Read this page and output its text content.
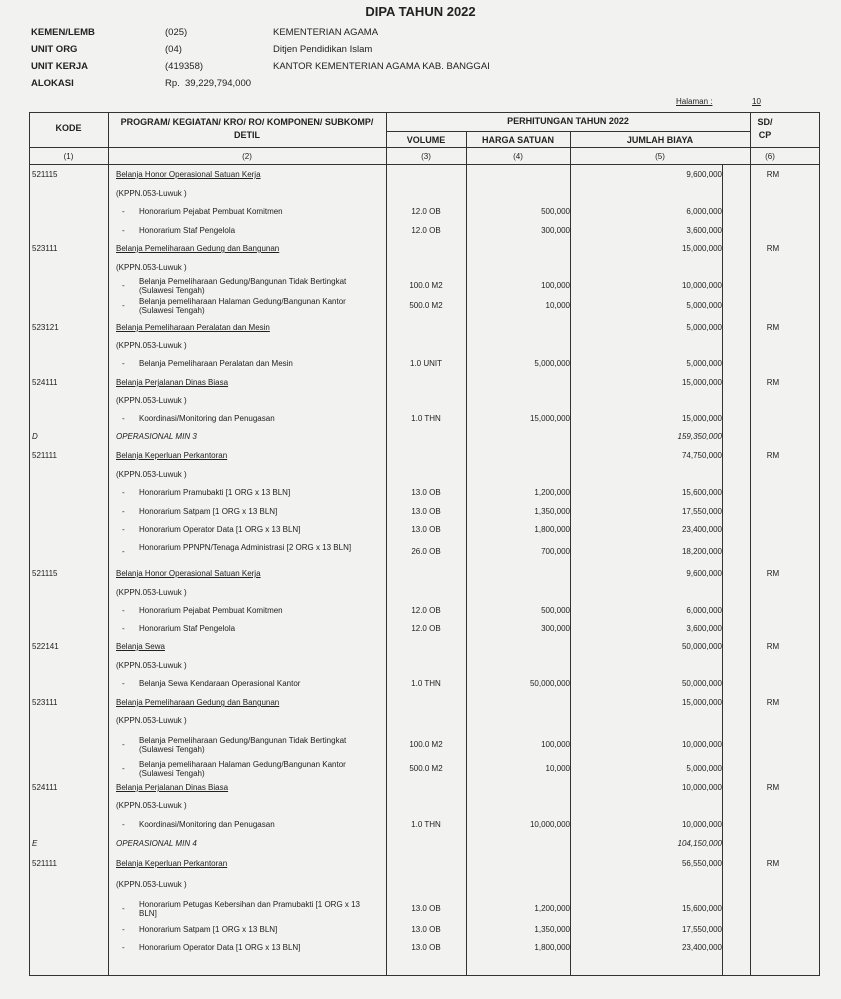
DIPA TAHUN 2022
KEMEN/LEMB	(025)	KEMENTERIAN AGAMA
UNIT ORG	(04)	Ditjen Pendidikan Islam
UNIT KERJA	(419358)	KANTOR KEMENTERIAN AGAMA KAB. BANGGAI
ALOKASI	Rp. 39,229,794,000
Halaman :	10
KODE
PROGRAM/ KEGIATAN/ KRO/ RO/ KOMPONEN/ SUBKOMP/ DETIL
PERHITUNGAN TAHUN 2022
VOLUME	HARGA SATUAN	JUMLAH BIAYA
SD/ CP
(1)	(2)	(3)	(4)	(5)	(6)
521115	Belanja Honor Operasional Satuan Kerja	9,600,000	RM
(KPPN.053-Luwuk )
- Honorarium Pejabat Pembuat Komitmen	12.0 OB	500,000	6,000,000
- Honorarium Staf Pengelola	12.0 OB	300,000	3,600,000
523111	Belanja Pemeliharaan Gedung dan Bangunan	15,000,000	RM
(KPPN.053-Luwuk )
- Belanja Pemeliharaan Gedung/Bangunan Tidak Bertingkat (Sulawesi Tengah)
100.0 M2	100,000	10,000,000
- Belanja pemeliharaan Halaman Gedung/Bangunan Kantor (Sulawesi Tengah)
500.0 M2	10,000	5,000,000
523121	Belanja Pemeliharaan Peralatan dan Mesin	5,000,000	RM
(KPPN.053-Luwuk )
- Belanja Pemeliharaan Peralatan dan Mesin	1.0 UNIT	5,000,000	5,000,000
524111	Belanja Perjalanan Dinas Biasa	15,000,000	RM
(KPPN.053-Luwuk )
- Koordinasi/Monitoring dan Penugasan	1.0 THN	15,000,000	15,000,000
D	OPERASIONAL MIN 3	159,350,000
521111	Belanja Keperluan Perkantoran	74,750,000	RM
(KPPN.053-Luwuk )
- Honorarium Pramubakti [1 ORG x 13 BLN]	13.0 OB	1,200,000	15,600,000
- Honorarium Satpam [1 ORG x 13 BLN]	13.0 OB	1,350,000	17,550,000
- Honorarium Operator Data [1 ORG x 13 BLN]	13.0 OB	1,800,000	23,400,000
- Honorarium PPNPN/Tenaga Administrasi [2 ORG x 13 BLN]	26.0 OB	700,000	18,200,000
521115	Belanja Honor Operasional Satuan Kerja	9,600,000	RM
(KPPN.053-Luwuk )
- Honorarium Pejabat Pembuat Komitmen	12.0 OB	500,000	6,000,000
- Honorarium Staf Pengelola	12.0 OB	300,000	3,600,000
522141	Belanja Sewa	50,000,000	RM
(KPPN.053-Luwuk )
- Belanja Sewa Kendaraan Operasional Kantor	1.0 THN	50,000,000	50,000,000
523111	Belanja Pemeliharaan Gedung dan Bangunan	15,000,000	RM
(KPPN.053-Luwuk )
- Belanja Pemeliharaan Gedung/Bangunan Tidak Bertingkat (Sulawesi Tengah)
100.0 M2	100,000	10,000,000
- Belanja pemeliharaan Halaman Gedung/Bangunan Kantor (Sulawesi Tengah)
500.0 M2	10,000	5,000,000
524111	Belanja Perjalanan Dinas Biasa	10,000,000	RM
(KPPN.053-Luwuk )
- Koordinasi/Monitoring dan Penugasan	1.0 THN	10,000,000	10,000,000
E	OPERASIONAL MIN 4	104,150,000
521111	Belanja Keperluan Perkantoran	56,550,000	RM
(KPPN.053-Luwuk )
- Honorarium Petugas Kebersihan dan Pramubakti [1 ORG x 13 BLN]
13.0 OB	1,200,000	15,600,000
- Honorarium Satpam [1 ORG x 13 BLN]	13.0 OB	1,350,000	17,550,000
- Honorarium Operator Data [1 ORG x 13 BLN]	13.0 OB	1,800,000	23,400,000
